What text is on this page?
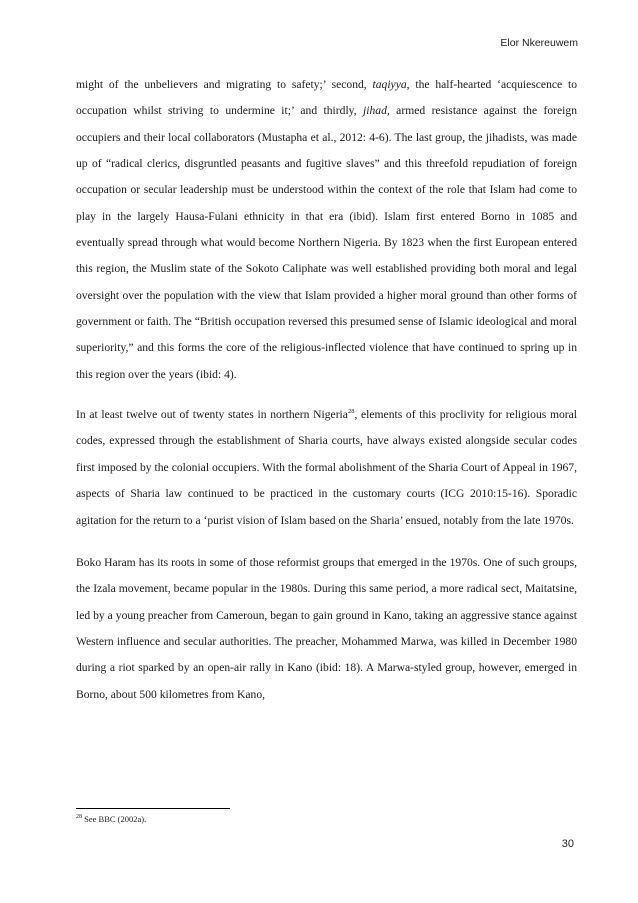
Elor Nkereuwem

might of the unbelievers and migrating to safety;’ second, taqiyya, the half-hearted ‘acquiescence to occupation whilst striving to undermine it;’ and thirdly, jihad, armed resistance against the foreign occupiers and their local collaborators (Mustapha et al., 2012: 4-6). The last group, the jihadists, was made up of “radical clerics, disgruntled peasants and fugitive slaves” and this threefold repudiation of foreign occupation or secular leadership must be understood within the context of the role that Islam had come to play in the largely Hausa-Fulani ethnicity in that era (ibid). Islam first entered Borno in 1085 and eventually spread through what would become Northern Nigeria. By 1823 when the first European entered this region, the Muslim state of the Sokoto Caliphate was well established providing both moral and legal oversight over the population with the view that Islam provided a higher moral ground than other forms of government or faith. The “British occupation reversed this presumed sense of Islamic ideological and moral superiority,” and this forms the core of the religious-inflected violence that have continued to spring up in this region over the years (ibid: 4).

In at least twelve out of twenty states in northern Nigeria$^{28}$, elements of this proclivity for religious moral codes, expressed through the establishment of Sharia courts, have always existed alongside secular codes first imposed by the colonial occupiers. With the formal abolishment of the Sharia Court of Appeal in 1967, aspects of Sharia law continued to be practiced in the customary courts (ICG 2010:15-16). Sporadic agitation for the return to a ‘purist vision of Islam based on the Sharia’ ensued, notably from the late 1970s.

Boko Haram has its roots in some of those reformist groups that emerged in the 1970s. One of such groups, the Izala movement, became popular in the 1980s. During this same period, a more radical sect, Maitatsine, led by a young preacher from Cameroun, began to gain ground in Kano, taking an aggressive stance against Western influence and secular authorities. The preacher, Mohammed Marwa, was killed in December 1980 during a riot sparked by an open-air rally in Kano (ibid: 18). A Marwa-styled group, however, emerged in Borno, about 500 kilometres from Kano,

$^{28}$ See BBC (2002a).
30
